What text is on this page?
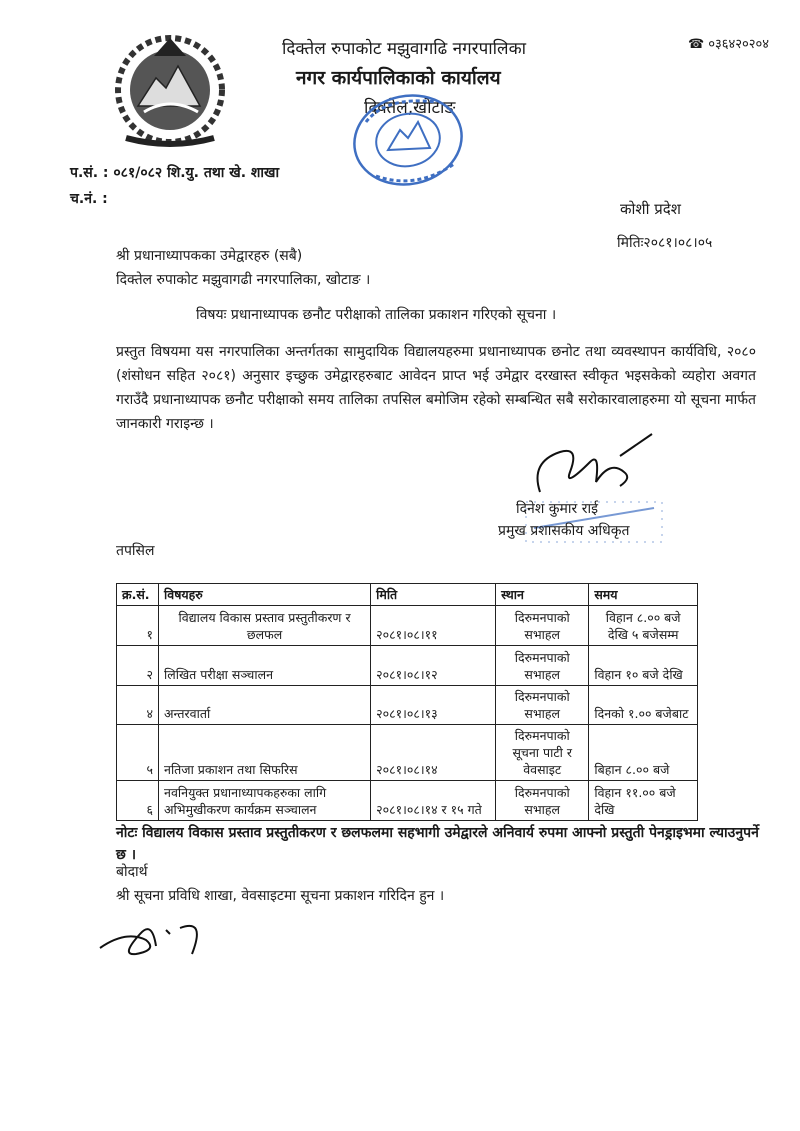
दिक्तेल रुपाकोट मझुवागढि नगरपालिका
नगर कार्यपालिकाको कार्यालय
दिक्तेल,खोटाङ
☎ ०३६४२०२०४
प.सं. : ०८१/०८२ शि.यु. तथा खे. शाखा
च.नं. :
कोशी प्रदेश
मितिः२०८१।०८।०५
श्री प्रधानाध्यापकका उमेद्वारहरु (सबै)
दिक्तेल रुपाकोट मझुवागढी नगरपालिका, खोटाङ ।
विषयः प्रधानाध्यापक छनौट परीक्षाको तालिका प्रकाशन गरिएको सूचना ।
प्रस्तुत विषयमा यस नगरपालिका अन्तर्गतका सामुदायिक विद्यालयहरुमा प्रधानाध्यापक छनोट तथा व्यवस्थापन कार्यविधि, २०८० (शंसोधन सहित २०८१) अनुसार इच्छुक उमेद्वारहरुबाट आवेदन प्राप्त भई उमेद्वार दरखास्त स्वीकृत भइसकेको व्यहोरा अवगत गराउँदै प्रधानाध्यापक छनौट परीक्षाको समय तालिका तपसिल बमोजिम रहेको सम्बन्धित सबै सरोकारवालाहरुमा यो सूचना मार्फत जानकारी गराइन्छ ।
दिनेश कुमार राई
प्रमुख प्रशासकीय अधिकृत
तपसिल
क्र.सं.	विषयहरु	मिति	स्थान	समय
१	विद्यालय विकास प्रस्ताव प्रस्तुतीकरण र छलफल	२०८१।०८।११	दिरुमनपाको सभाहल	विहान ८.०० बजे देखि ५ बजेसम्म
२	लिखित परीक्षा सञ्चालन	२०८१।०८।१२	दिरुमनपाको सभाहल	विहान १० बजे देखि
४	अन्तरवार्ता	२०८१।०८।१३	दिरुमनपाको सभाहल	दिनको १.०० बजेबाट
५	नतिजा प्रकाशन तथा सिफरिस	२०८१।०८।१४	दिरुमनपाको सूचना पाटी र वेवसाइट	बिहान ८.०० बजे
६	नवनियुक्त प्रधानाध्यापकहरुका लागि अभिमुखीकरण कार्यक्रम सञ्चालन	२०८१।०८।१४ र १५ गते	दिरुमनपाको सभाहल	विहान ११.०० बजे देखि
नोटः विद्यालय विकास प्रस्ताव प्रस्तुतीकरण र छलफलमा सहभागी उमेद्वारले अनिवार्य रुपमा आफ्नो प्रस्तुती पेनड्राइभमा ल्याउनुपर्ने छ ।
बोदार्थ
श्री सूचना प्रविधि शाखा, वेवसाइटमा सूचना प्रकाशन गरिदिन हुन ।
